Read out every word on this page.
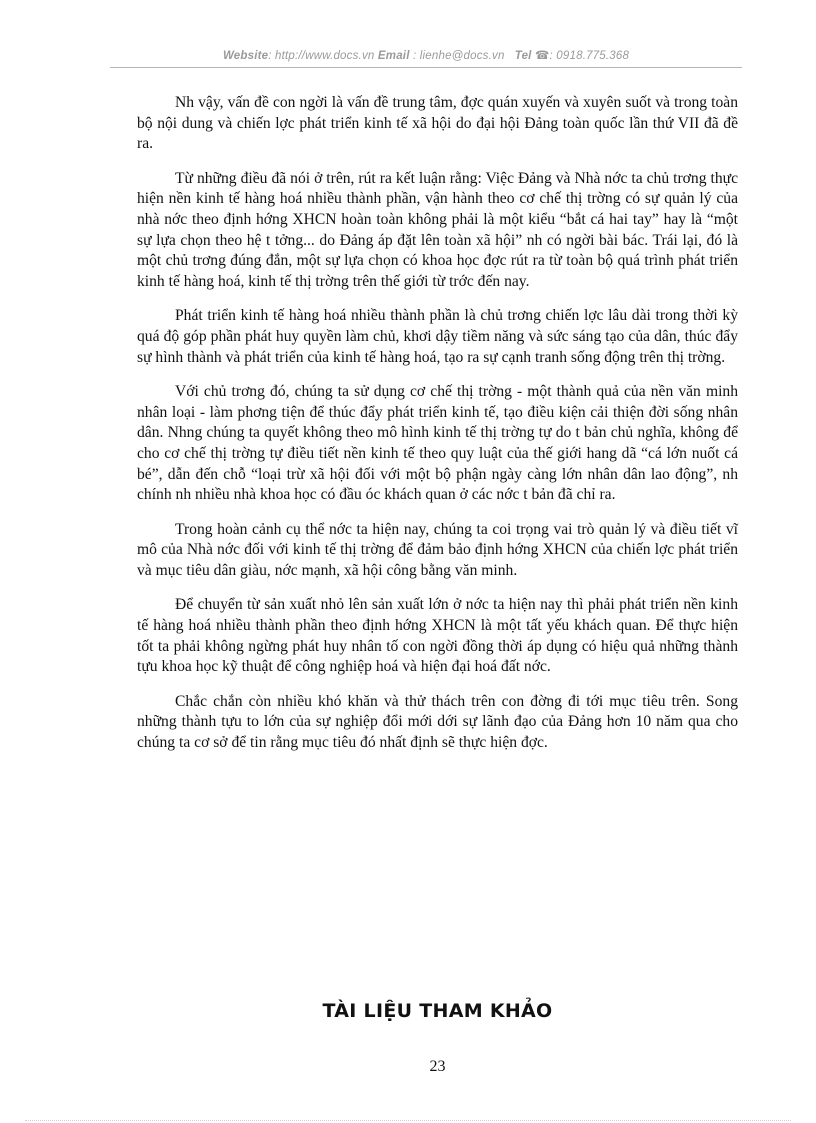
Website: http://www.docs.vn Email : lienhe@docs.vn Tel ☎: 0918.775.368

Nh vậy, vấn đề con ngời là vấn đề trung tâm, đợc quán xuyến và xuyên suốt và trong toàn bộ nội dung và chiến lợc phát triển kinh tế xã hội do đại hội Đảng toàn quốc lần thứ VII đã đề ra.

Từ những điều đã nói ở trên, rút ra kết luận rằng: Việc Đảng và Nhà nớc ta chủ trơng thực hiện nền kinh tế hàng hoá nhiều thành phần, vận hành theo cơ chế thị trờng có sự quản lý của nhà nớc theo định hớng XHCN hoàn toàn không phải là một kiểu “bắt cá hai tay” hay là “một sự lựa chọn theo hệ t tởng... do Đảng áp đặt lên toàn xã hội” nh có ngời bài bác. Trái lại, đó là một chủ trơng đúng đắn, một sự lựa chọn có khoa học đợc rút ra từ toàn bộ quá trình phát triển kinh tế hàng hoá, kinh tế thị trờng trên thế giới từ trớc đến nay.

Phát triển kinh tế hàng hoá nhiều thành phần là chủ trơng chiến lợc lâu dài trong thời kỳ quá độ góp phần phát huy quyền làm chủ, khơi dậy tiềm năng và sức sáng tạo của dân, thúc đẩy sự hình thành và phát triển của kinh tế hàng hoá, tạo ra sự cạnh tranh sống động trên thị trờng.

Với chủ trơng đó, chúng ta sử dụng cơ chế thị trờng - một thành quả của nền văn minh nhân loại - làm phơng tiện để thúc đẩy phát triển kinh tế, tạo điều kiện cải thiện đời sống nhân dân. Nhng chúng ta quyết không theo mô hình kinh tế thị trờng tự do t bản chủ nghĩa, không để cho cơ chế thị trờng tự điều tiết nền kinh tế theo quy luật của thế giới hang dã “cá lớn nuốt cá bé”, dẫn đến chỗ “loại trừ xã hội đối với một bộ phận ngày càng lớn nhân dân lao động”, nh chính nh nhiều nhà khoa học có đầu óc khách quan ở các nớc t bản đã chỉ ra.

Trong hoàn cảnh cụ thể nớc ta hiện nay, chúng ta coi trọng vai trò quản lý và điều tiết vĩ mô của Nhà nớc đối với kinh tế thị trờng để đảm bảo định hớng XHCN của chiến lợc phát triển và mục tiêu dân giàu, nớc mạnh, xã hội công bằng văn minh.

Để chuyển từ sản xuất nhỏ lên sản xuất lớn ở nớc ta hiện nay thì phải phát triển nền kinh tế hàng hoá nhiều thành phần theo định hớng XHCN là một tất yếu khách quan. Để thực hiện tốt ta phải không ngừng phát huy nhân tố con ngời đồng thời áp dụng có hiệu quả những thành tựu khoa học kỹ thuật để công nghiệp hoá và hiện đại hoá đất nớc.

Chắc chắn còn nhiều khó khăn và thử thách trên con đờng đi tới mục tiêu trên. Song những thành tựu to lớn của sự nghiệp đổi mới dới sự lãnh đạo của Đảng hơn 10 năm qua cho chúng ta cơ sở để tin rằng mục tiêu đó nhất định sẽ thực hiện đợc.

TÀI LIỆU THAM KHẢO
23
